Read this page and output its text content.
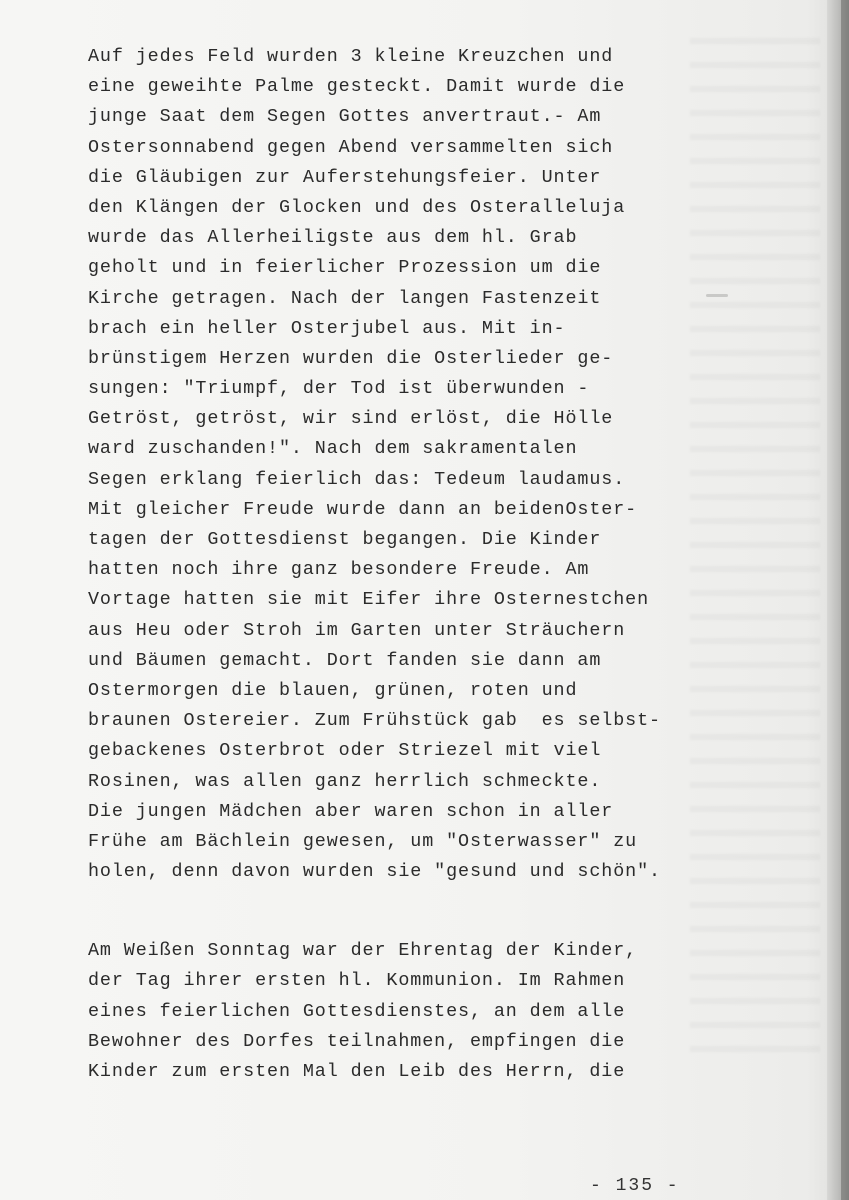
Auf jedes Feld wurden 3 kleine Kreuzchen und
eine geweihte Palme gesteckt. Damit wurde die
junge Saat dem Segen Gottes anvertraut.- Am
Ostersonnabend gegen Abend versammelten sich
die Gläubigen zur Auferstehungsfeier. Unter
den Klängen der Glocken und des Osteralleluja
wurde das Allerheiligste aus dem hl. Grab
geholt und in feierlicher Prozession um die
Kirche getragen. Nach der langen Fastenzeit
brach ein heller Osterjubel aus. Mit in-
brünstigem Herzen wurden die Osterlieder ge-
sungen: "Triumpf, der Tod ist überwunden -
Getröst, getröst, wir sind erlöst, die Hölle
ward zuschanden!". Nach dem sakramentalen
Segen erklang feierlich das: Tedeum laudamus.
Mit gleicher Freude wurde dann an beidenOster-
tagen der Gottesdienst begangen. Die Kinder
hatten noch ihre ganz besondere Freude. Am
Vortage hatten sie mit Eifer ihre Osternestchen
aus Heu oder Stroh im Garten unter Sträuchern
und Bäumen gemacht. Dort fanden sie dann am
Ostermorgen die blauen, grünen, roten und
braunen Ostereier. Zum Frühstück gab  es selbst-
gebackenes Osterbrot oder Striezel mit viel
Rosinen, was allen ganz herrlich schmeckte.
Die jungen Mädchen aber waren schon in aller
Frühe am Bächlein gewesen, um "Osterwasser" zu
holen, denn davon wurden sie "gesund und schön".
Am Weißen Sonntag war der Ehrentag der Kinder,
der Tag ihrer ersten hl. Kommunion. Im Rahmen
eines feierlichen Gottesdienstes, an dem alle
Bewohner des Dorfes teilnahmen, empfingen die
Kinder zum ersten Mal den Leib des Herrn, die
- 135 -
